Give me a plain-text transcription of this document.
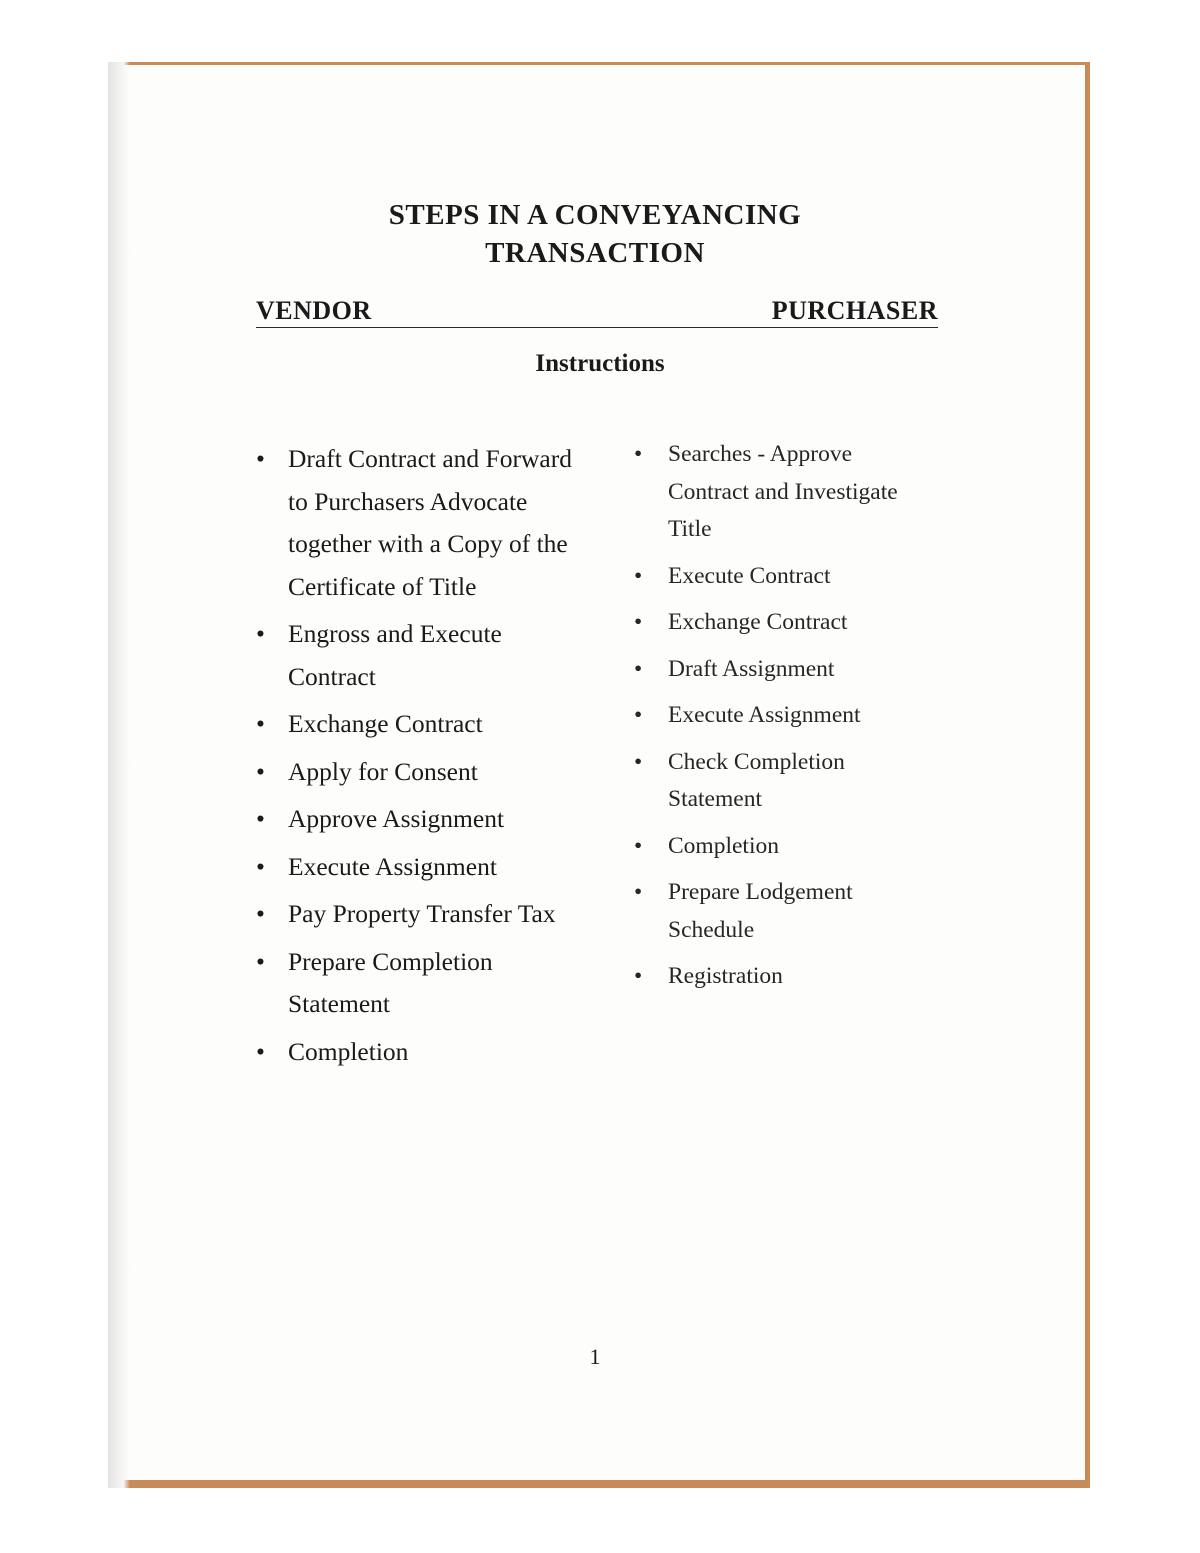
STEPS IN A CONVEYANCING
TRANSACTION
VENDOR	PURCHASER
Instructions
• Draft Contract and Forward to Purchasers Advocate together with a Copy of the Certificate of Title
• Engross and Execute Contract
• Exchange Contract
• Apply for Consent
• Approve Assignment
• Execute Assignment
• Pay Property Transfer Tax
• Prepare Completion Statement
• Completion
• Searches - Approve Contract and Investigate Title
• Execute Contract
• Exchange Contract
• Draft Assignment
• Execute Assignment
• Check Completion Statement
• Completion
• Prepare Lodgement Schedule
• Registration
1
